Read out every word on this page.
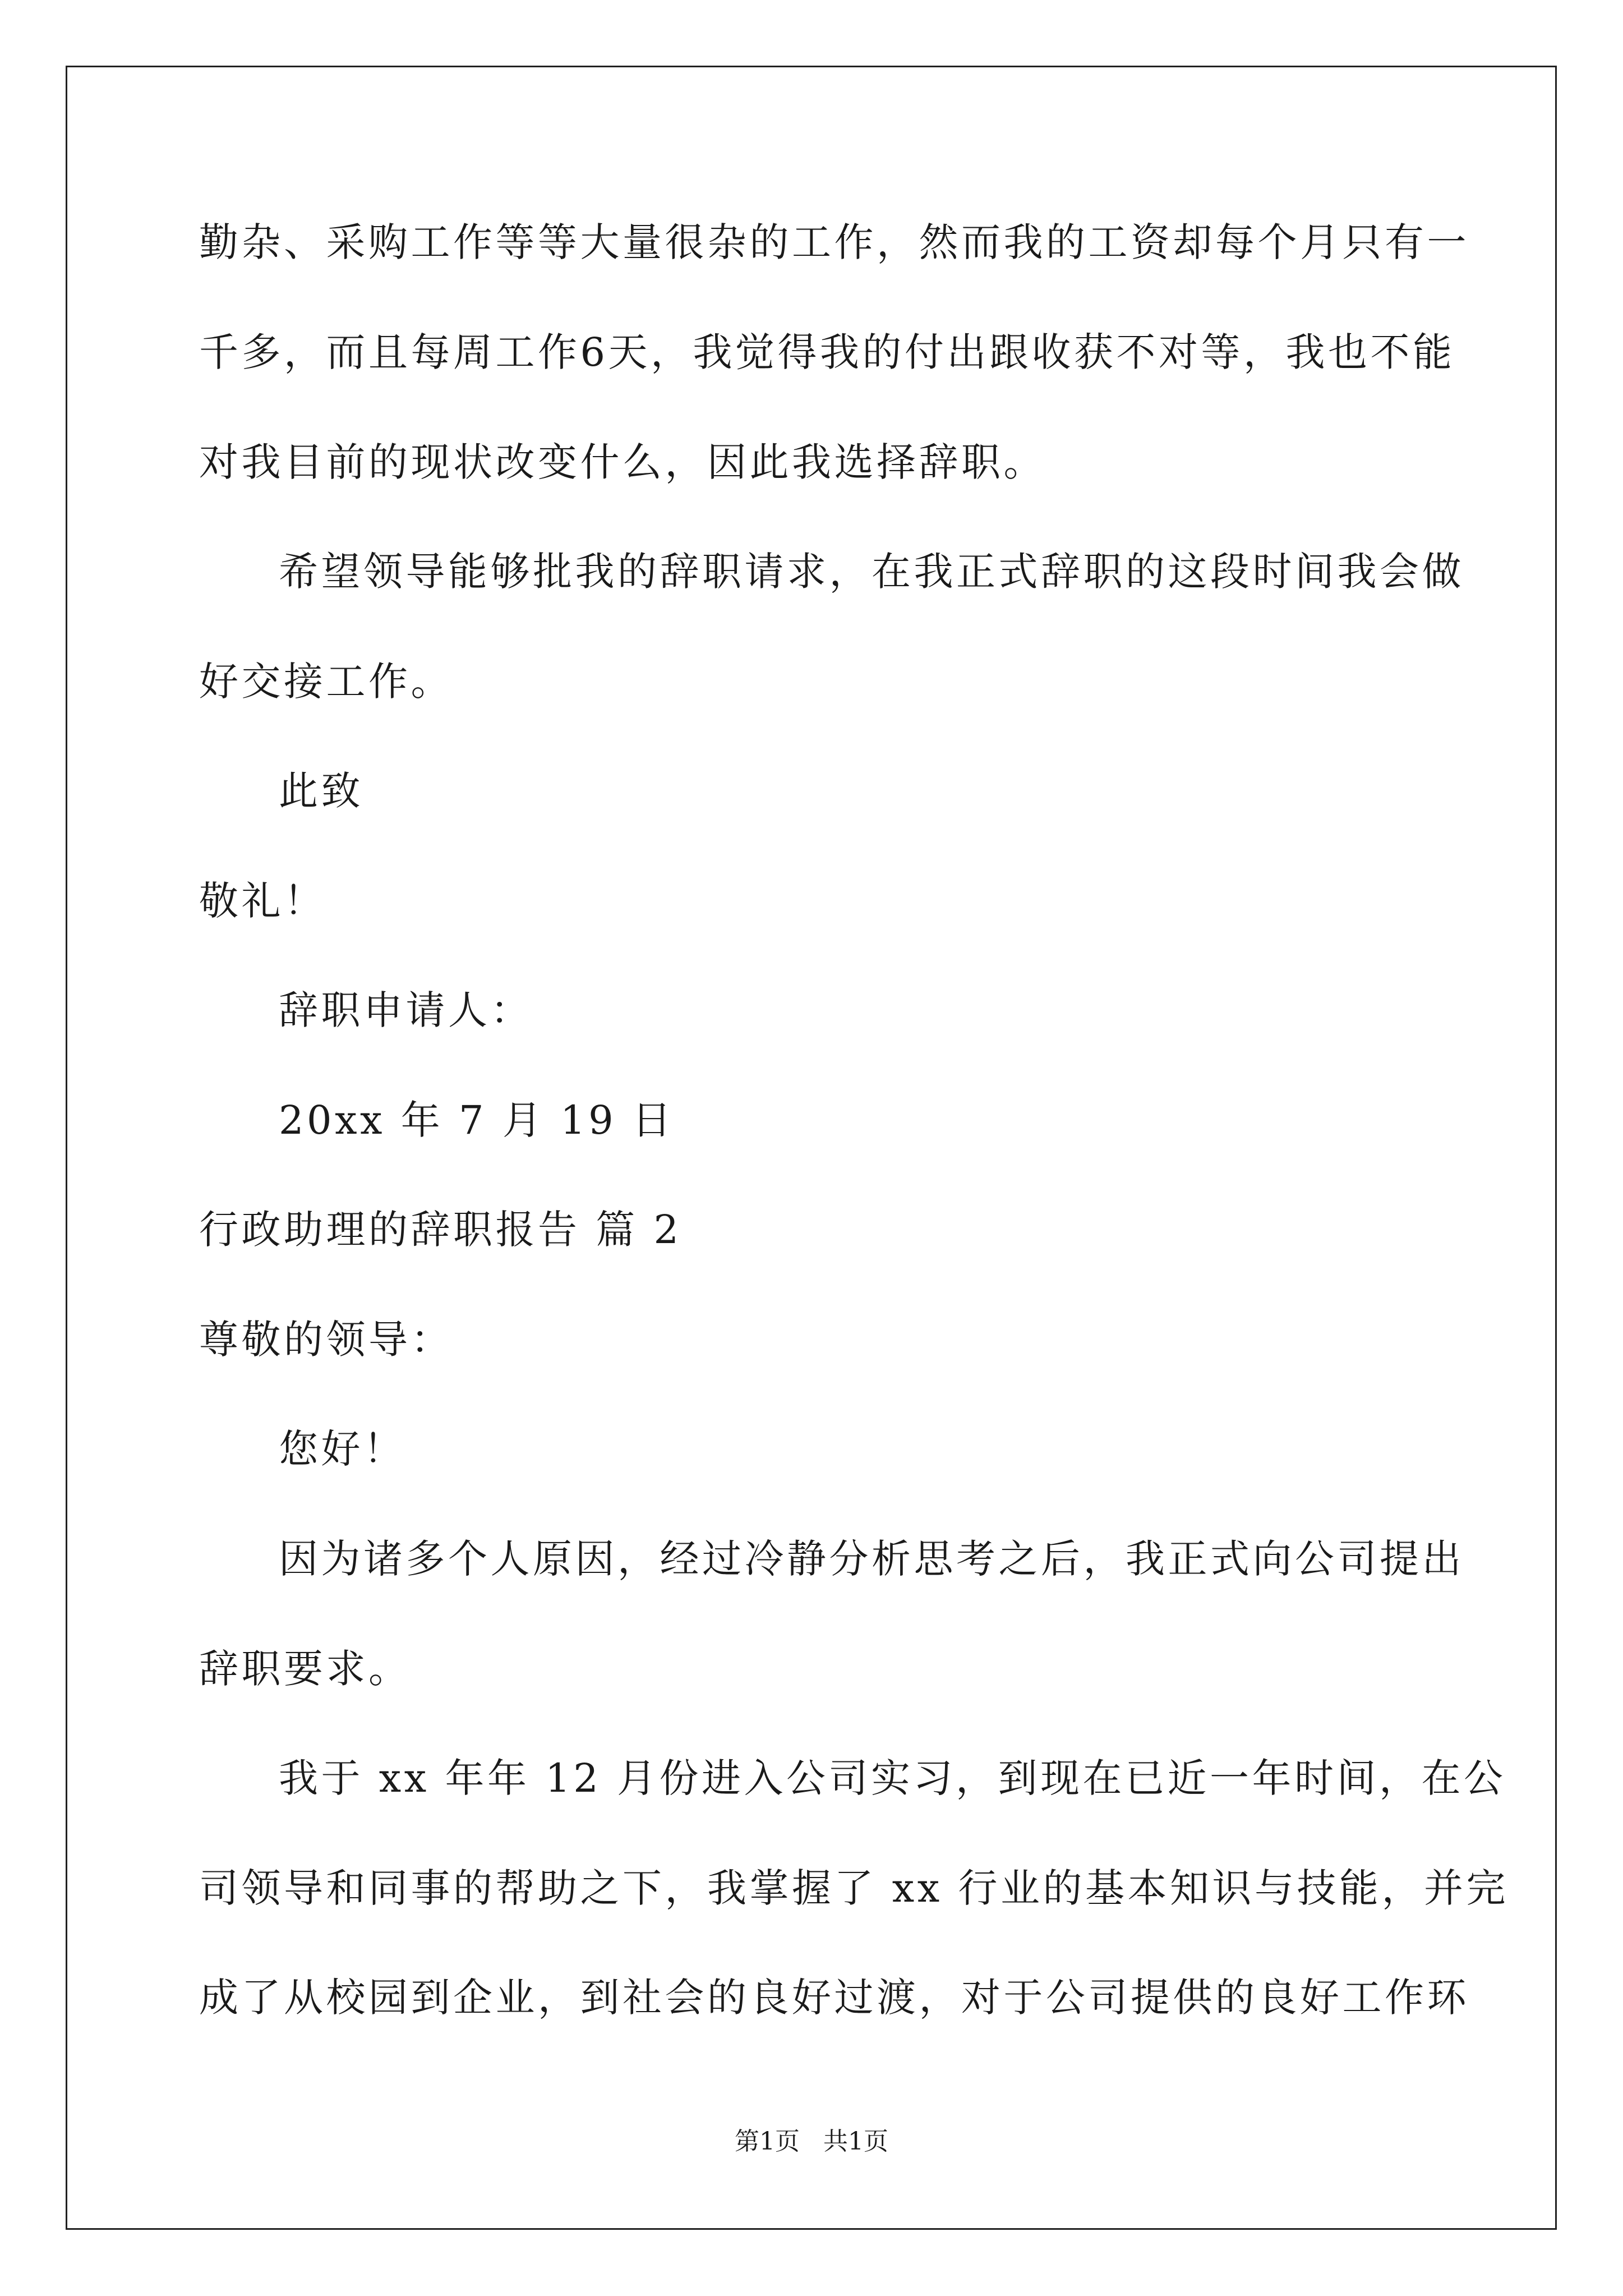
勤杂、采购工作等等大量很杂的工作，然而我的工资却每个月只有一
千多，而且每周工作6天，我觉得我的付出跟收获不对等，我也不能
对我目前的现状改变什么，因此我选择辞职。
希望领导能够批我的辞职请求，在我正式辞职的这段时间我会做
好交接工作。
此致
敬礼！
辞职申请人：
20xx 年 7 月 19 日
行政助理的辞职报告 篇 2
尊敬的领导：
您好！
因为诸多个人原因，经过冷静分析思考之后，我正式向公司提出
辞职要求。
我于 xx 年年 12 月份进入公司实习，到现在已近一年时间，在公
司领导和同事的帮助之下，我掌握了 xx 行业的基本知识与技能，并完
成了从校园到企业，到社会的良好过渡，对于公司提供的良好工作环
第1页   共1页
